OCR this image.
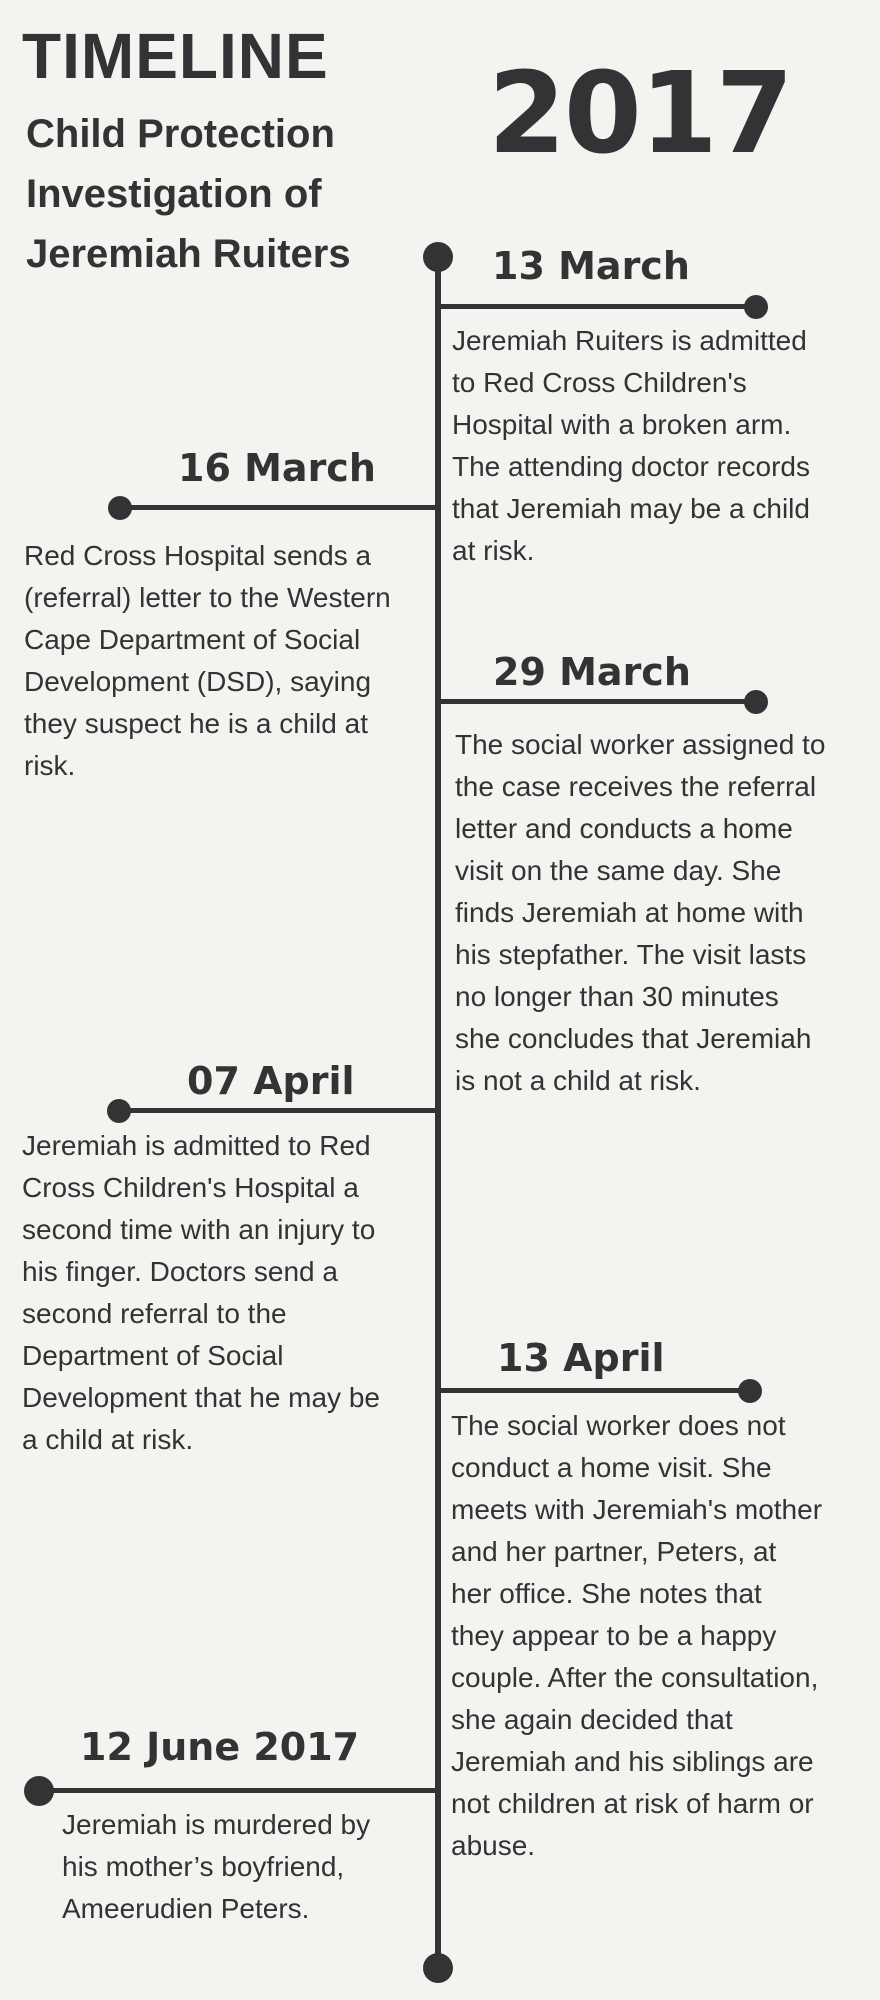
TIMELINE
Child Protection
Investigation of
Jeremiah Ruiters
2017
13 March
Jeremiah Ruiters is admitted
to Red Cross Children's
Hospital with a broken arm.
The attending doctor records
that Jeremiah may be a child
at risk.
16 March
Red Cross Hospital sends a
(referral) letter to the Western
Cape Department of Social
Development (DSD), saying
they suspect he is a child at
risk.
29 March
The social worker assigned to
the case receives the referral
letter and conducts a home
visit on the same day. She
finds Jeremiah at home with
his stepfather. The visit lasts
no longer than 30 minutes
she concludes that Jeremiah
is not a child at risk.
07 April
Jeremiah is admitted to Red
Cross Children's Hospital a
second time with an injury to
his finger. Doctors send a
second referral to the
Department of Social
Development that he may be
a child at risk.
13 April
The social worker does not
conduct a home visit. She
meets with Jeremiah's mother
and her partner, Peters, at
her office. She notes that
they appear to be a happy
couple. After the consultation,
she again decided that
Jeremiah and his siblings are
not children at risk of harm or
abuse.
12 June 2017
Jeremiah is murdered by
his mother’s boyfriend,
Ameerudien Peters.
